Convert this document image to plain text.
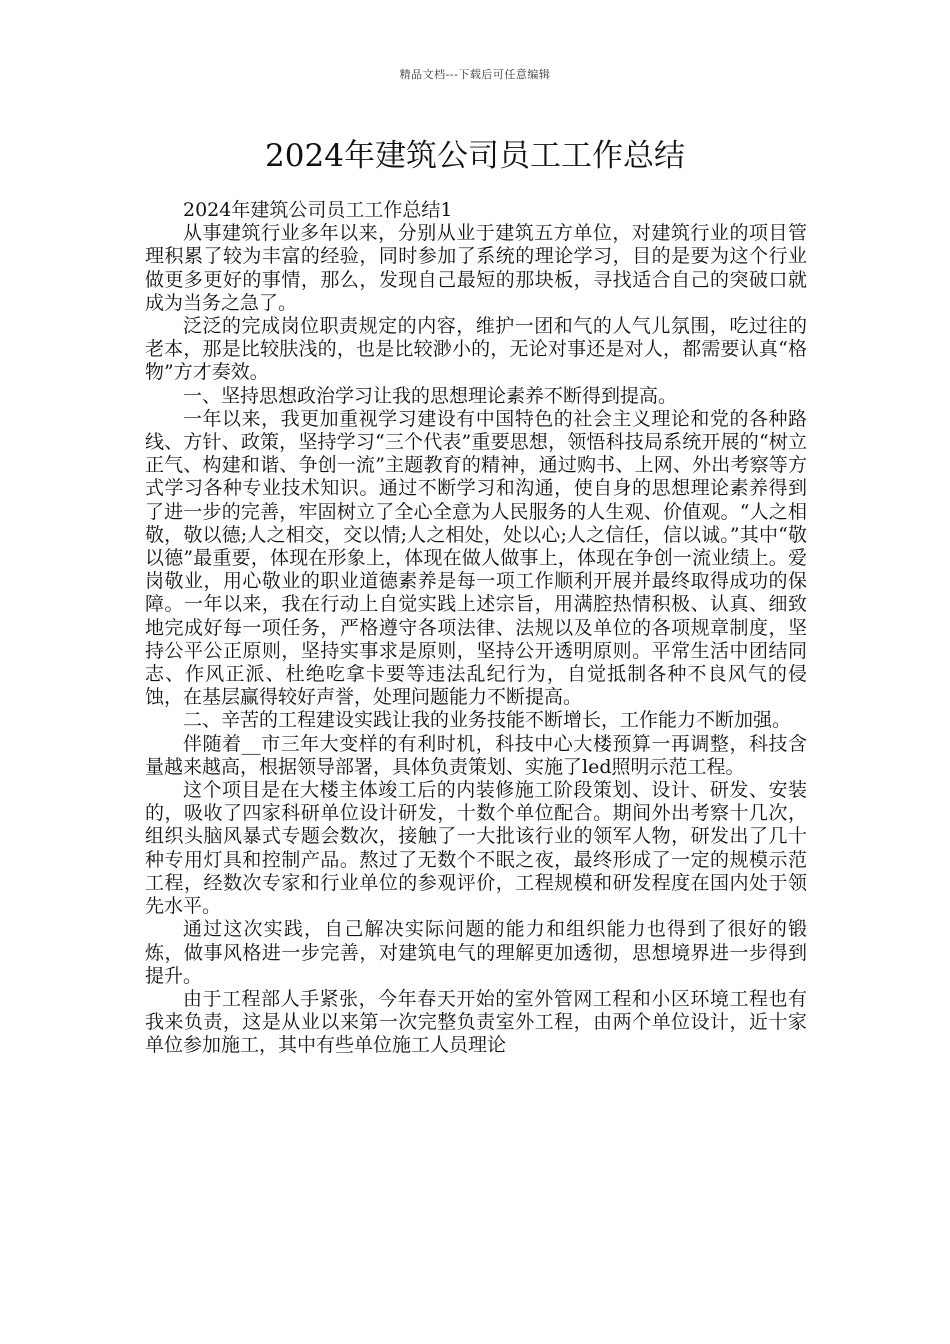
精品文档---下载后可任意编辑
2024年建筑公司员工工作总结

2024年建筑公司员工工作总结1

从事建筑行业多年以来，分别从业于建筑五方单位，对建筑行业的项目管理积累了较为丰富的经验，同时参加了系统的理论学习，目的是要为这个行业做更多更好的事情，那么，发现自己最短的那块板，寻找适合自己的突破口就成为当务之急了。

泛泛的完成岗位职责规定的内容，维护一团和气的人气儿氛围，吃过往的老本，那是比较肤浅的，也是比较渺小的，无论对事还是对人，都需要认真“格物”方才奏效。

一、坚持思想政治学习让我的思想理论素养不断得到提高。

一年以来，我更加重视学习建设有中国特色的社会主义理论和党的各种路线、方针、政策，坚持学习“三个代表”重要思想，领悟科技局系统开展的“树立正气、构建和谐、争创一流”主题教育的精神，通过购书、上网、外出考察等方式学习各种专业技术知识。通过不断学习和沟通，使自身的思想理论素养得到了进一步的完善，牢固树立了全心全意为人民服务的人生观、价值观。“人之相敬，敬以德;人之相交，交以情;人之相处，处以心;人之信任，信以诚。”其中“敬以德”最重要，体现在形象上，体现在做人做事上，体现在争创一流业绩上。爱岗敬业，用心敬业的职业道德素养是每一项工作顺利开展并最终取得成功的保障。一年以来，我在行动上自觉实践上述宗旨，用满腔热情积极、认真、细致地完成好每一项任务，严格遵守各项法律、法规以及单位的各项规章制度，坚持公平公正原则，坚持实事求是原则，坚持公开透明原则。平常生活中团结同志、作风正派、杜绝吃拿卡要等违法乱纪行为，自觉抵制各种不良风气的侵蚀，在基层赢得较好声誉，处理问题能力不断提高。

二、辛苦的工程建设实践让我的业务技能不断增长，工作能力不断加强。

伴随着__市三年大变样的有利时机，科技中心大楼预算一再调整，科技含量越来越高，根据领导部署，具体负责策划、实施了led照明示范工程。

这个项目是在大楼主体竣工后的内装修施工阶段策划、设计、研发、安装的，吸收了四家科研单位设计研发，十数个单位配合。期间外出考察十几次，组织头脑风暴式专题会数次，接触了一大批该行业的领军人物，研发出了几十种专用灯具和控制产品。熬过了无数个不眠之夜，最终形成了一定的规模示范工程，经数次专家和行业单位的参观评价，工程规模和研发程度在国内处于领先水平。

通过这次实践，自己解决实际问题的能力和组织能力也得到了很好的锻炼，做事风格进一步完善，对建筑电气的理解更加透彻，思想境界进一步得到提升。

由于工程部人手紧张，今年春天开始的室外管网工程和小区环境工程也有我来负责，这是从业以来第一次完整负责室外工程，由两个单位设计，近十家单位参加施工，其中有些单位施工人员理论
